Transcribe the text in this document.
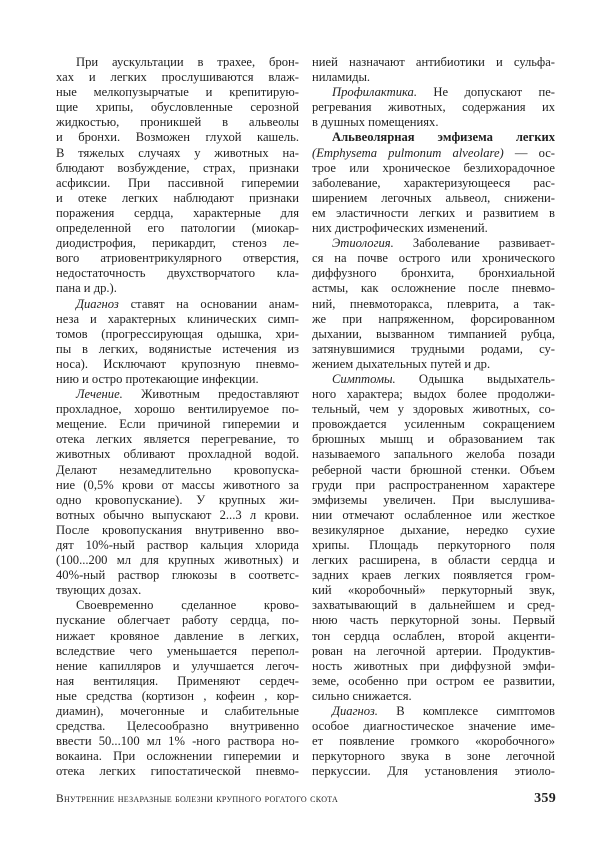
При аускультации в трахее, брон-
хах и легких прослушиваются влаж-
ные мелкопузырчатые и крепитирую-
щие хрипы, обусловленные серозной
жидкостью, проникшей в альвеолы
и бронхи. Возможен глухой кашель.
В тяжелых случаях у животных на-
блюдают возбуждение, страх, признаки
асфиксии. При пассивной гиперемии
и отеке легких наблюдают признаки
поражения сердца, характерные для
определенной его патологии (миокар-
диодистрофия, перикардит, стеноз ле-
вого атриовентрикулярного отверстия,
недостаточность двухстворчатого кла-
пана и др.).
Диагноз ставят на основании анам-
неза и характерных клинических симп-
томов (прогрессирующая одышка, хри-
пы в легких, водянистые истечения из
носа). Исключают крупозную пневмо-
нию и остро протекающие инфекции.
Лечение. Животным предоставляют
прохладное, хорошо вентилируемое по-
мещение. Если причиной гиперемии и
отека легких является перегревание, то
животных обливают прохладной водой.
Делают незамедлительно кровопуска-
ние (0,5% крови от массы животного за
одно кровопускание). У крупных жи-
вотных обычно выпускают 2...3 л крови.
После кровопускания внутривенно вво-
дят 10%-ный раствор кальция хлорида
(100...200 мл для крупных животных) и
40%-ный раствор глюкозы в соответс-
твующих дозах.
Своевременно сделанное крово-
пускание облегчает работу сердца, по-
нижает кровяное давление в легких,
вследствие чего уменьшается перепол-
нение капилляров и улучшается легоч-
ная вентиляция. Применяют сердеч-
ные средства (кортизон , кофеин , кор-
диамин), мочегонные и слабительные
средства. Целесообразно внутривенно
ввести 50...100 мл 1% -ного раствора но-
вокаина. При осложнении гиперемии и
отека легких гипостатической пневмо-
нией назначают антибиотики и сульфа-
ниламиды.
Профилактика. Не допускают пе-
регревания животных, содержания их
в душных помещениях.
Альвеолярная эмфизема легких
(Emphysema pulmonum alveolare) — ос-
трое или хроническое безлихорадочное
заболевание, характеризующееся рас-
ширением легочных альвеол, снижени-
ем эластичности легких и развитием в
них дистрофических изменений.
Этиология. Заболевание развивает-
ся на почве острого или хронического
диффузного бронхита, бронхиальной
астмы, как осложнение после пневмо-
ний, пневмоторакса, плеврита, а так-
же при напряженном, форсированном
дыхании, вызванном тимпанией рубца,
затянувшимися трудными родами, су-
жением дыхательных путей и др.
Симптомы. Одышка выдыхатель-
ного характера; выдох более продолжи-
тельный, чем у здоровых животных, со-
провождается усиленным сокращением
брюшных мышц и образованием так
называемого запального желоба позади
реберной части брюшной стенки. Объем
груди при распространенном характере
эмфиземы увеличен. При выслушива-
нии отмечают ослабленное или жесткое
везикулярное дыхание, нередко сухие
хрипы. Площадь перкуторного поля
легких расширена, в области сердца и
задних краев легких появляется гром-
кий «коробочный» перкуторный звук,
захватывающий в дальнейшем и сред-
нюю часть перкуторной зоны. Первый
тон сердца ослаблен, второй акценти-
рован на легочной артерии. Продуктив-
ность животных при диффузной эмфи-
земе, особенно при остром ее развитии,
сильно снижается.
Диагноз. В комплексе симптомов
особое диагностическое значение име-
ет появление громкого «коробочного»
перкуторного звука в зоне легочной
перкуссии. Для установления этиоло-
Внутренние незаразные болезни крупного рогатого скота	359
